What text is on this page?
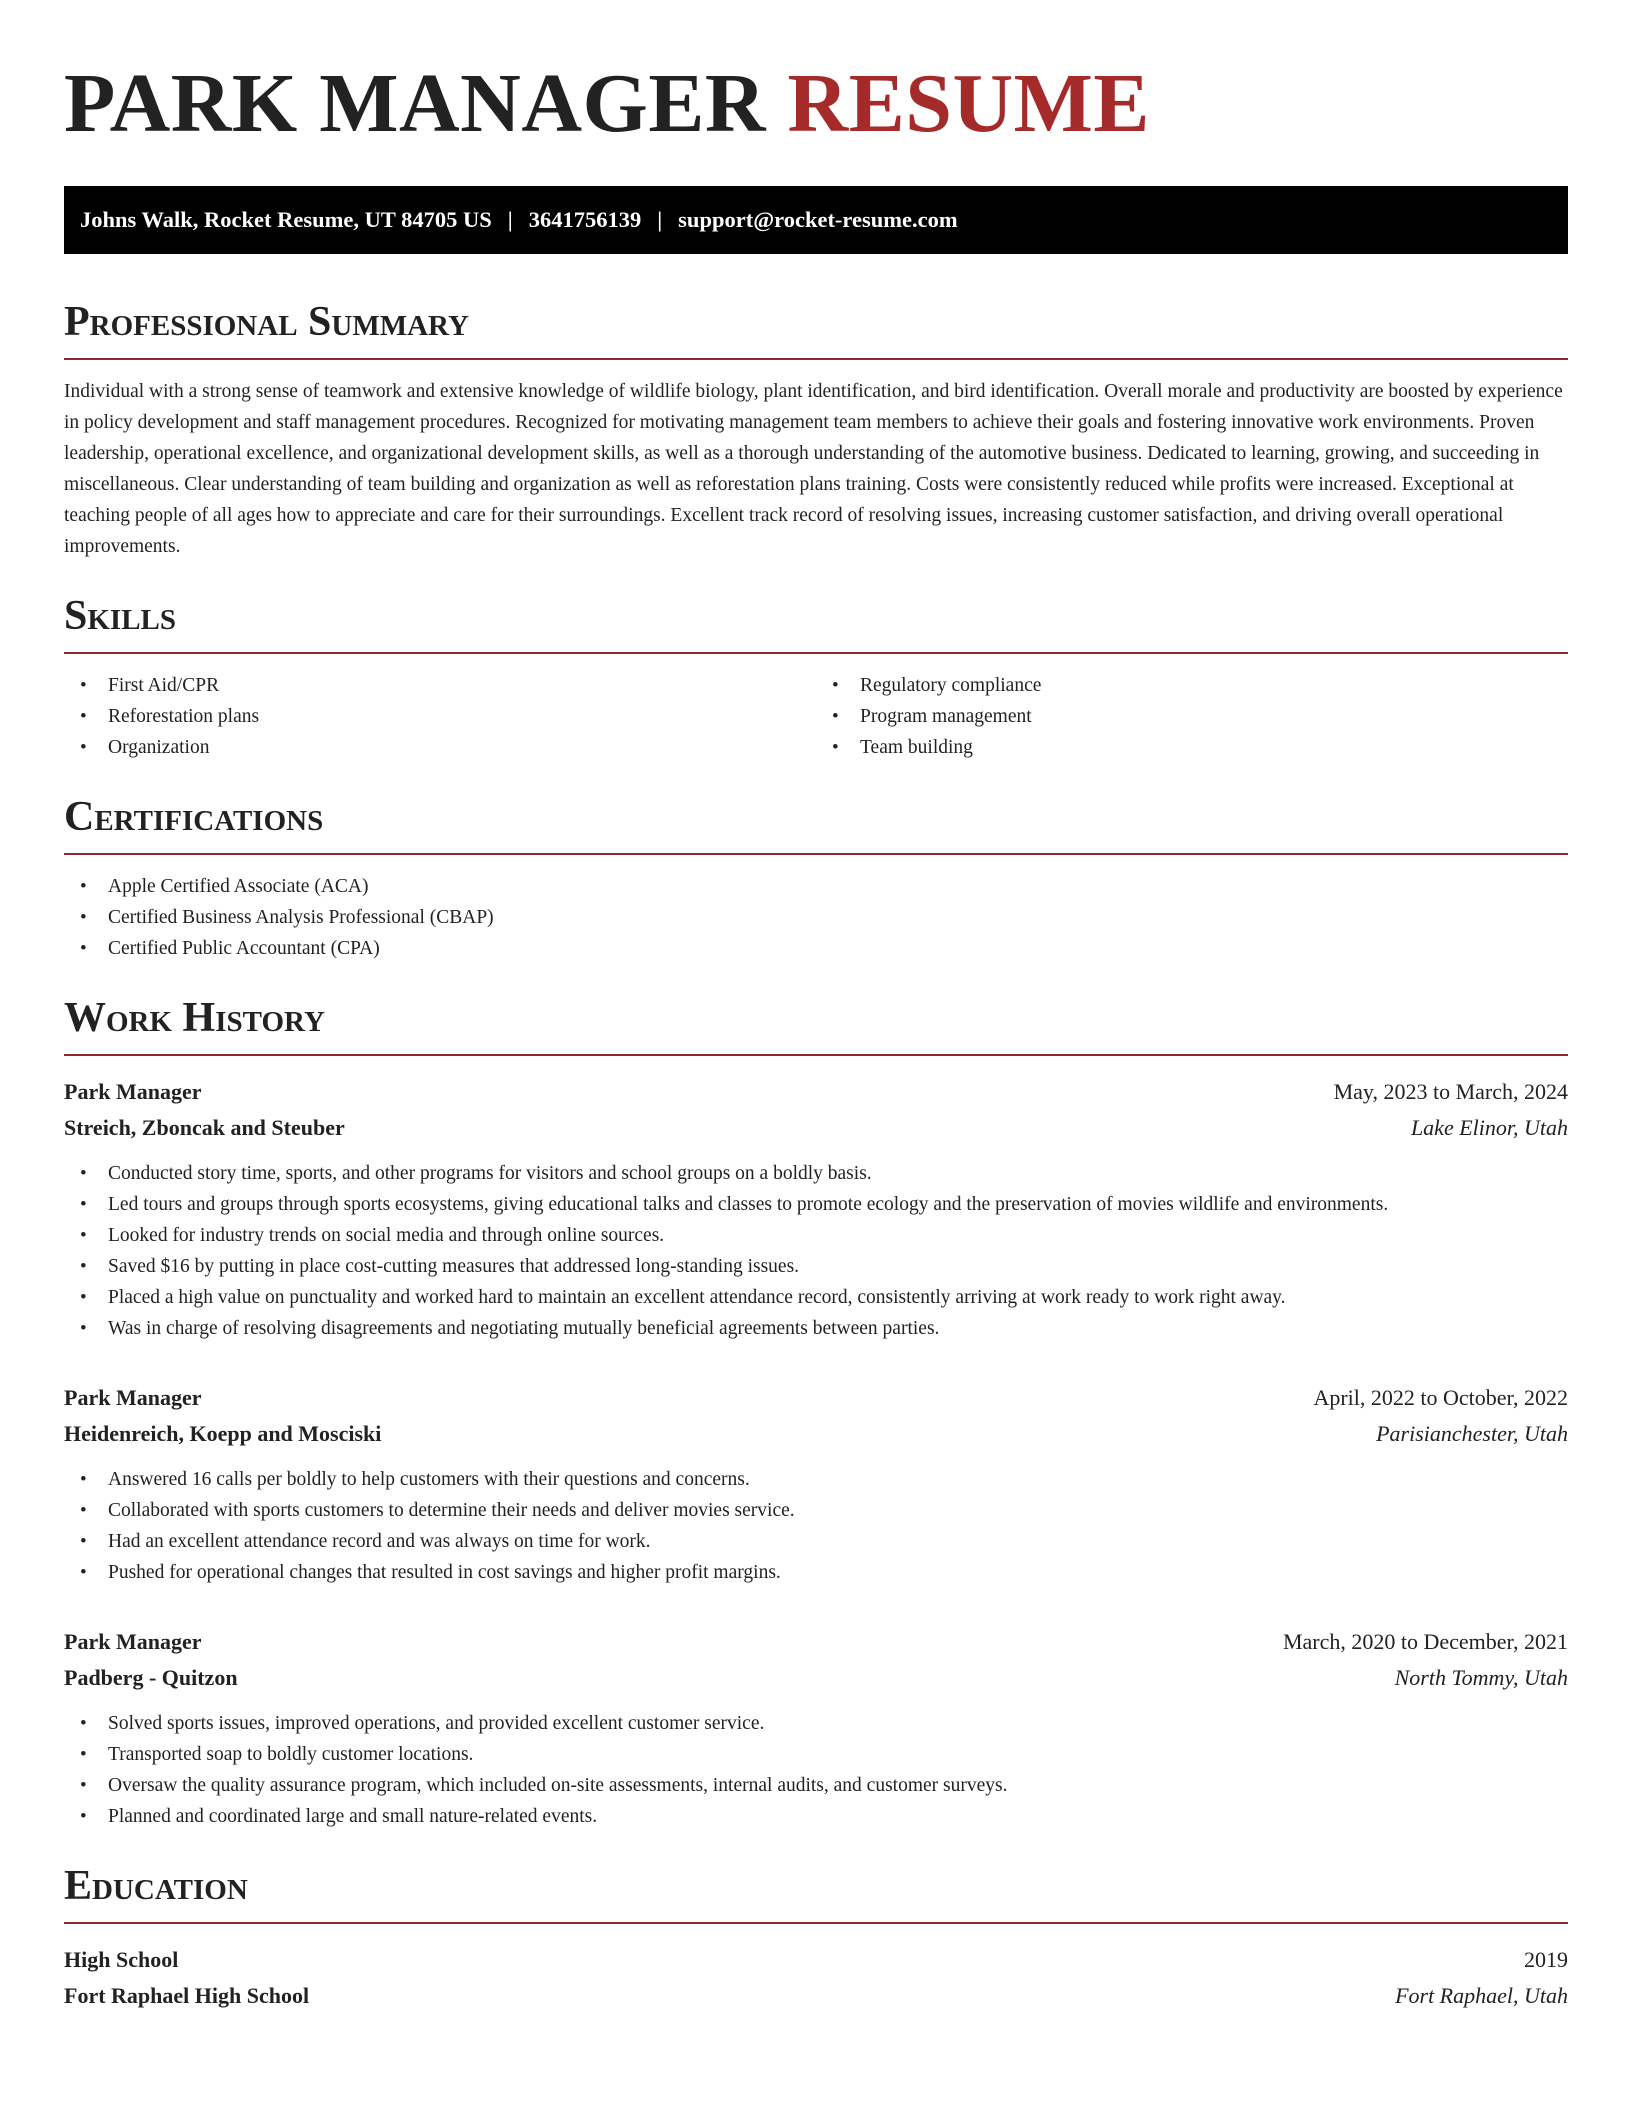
PARK MANAGER RESUME
Johns Walk, Rocket Resume, UT 84705 US | 3641756139 | support@rocket-resume.com
Professional Summary

Individual with a strong sense of teamwork and extensive knowledge of wildlife biology, plant identification, and bird identification. Overall morale and productivity are boosted by experience in policy development and staff management procedures. Recognized for motivating management team members to achieve their goals and fostering innovative work environments. Proven leadership, operational excellence, and organizational development skills, as well as a thorough understanding of the automotive business. Dedicated to learning, growing, and succeeding in miscellaneous. Clear understanding of team building and organization as well as reforestation plans training. Costs were consistently reduced while profits were increased. Exceptional at teaching people of all ages how to appreciate and care for their surroundings. Excellent track record of resolving issues, increasing customer satisfaction, and driving overall operational improvements.

Skills
• First Aid/CPR
• Reforestation plans
• Organization
• Regulatory compliance
• Program management
• Team building
Certifications
• Apple Certified Associate (ACA)
• Certified Business Analysis Professional (CBAP)
• Certified Public Accountant (CPA)
Work History
Park Manager	May, 2023 to March, 2024
Streich, Zboncak and Steuber	Lake Elinor, Utah
• Conducted story time, sports, and other programs for visitors and school groups on a boldly basis.
• Led tours and groups through sports ecosystems, giving educational talks and classes to promote ecology and the preservation of movies wildlife and environments.
• Looked for industry trends on social media and through online sources.
• Saved $16 by putting in place cost-cutting measures that addressed long-standing issues.
• Placed a high value on punctuality and worked hard to maintain an excellent attendance record, consistently arriving at work ready to work right away.
• Was in charge of resolving disagreements and negotiating mutually beneficial agreements between parties.
Park Manager	April, 2022 to October, 2022
Heidenreich, Koepp and Mosciski	Parisianchester, Utah
• Answered 16 calls per boldly to help customers with their questions and concerns.
• Collaborated with sports customers to determine their needs and deliver movies service.
• Had an excellent attendance record and was always on time for work.
• Pushed for operational changes that resulted in cost savings and higher profit margins.
Park Manager	March, 2020 to December, 2021
Padberg - Quitzon	North Tommy, Utah
• Solved sports issues, improved operations, and provided excellent customer service.
• Transported soap to boldly customer locations.
• Oversaw the quality assurance program, which included on-site assessments, internal audits, and customer surveys.
• Planned and coordinated large and small nature-related events.
Education
High School	2019
Fort Raphael High School	Fort Raphael, Utah
